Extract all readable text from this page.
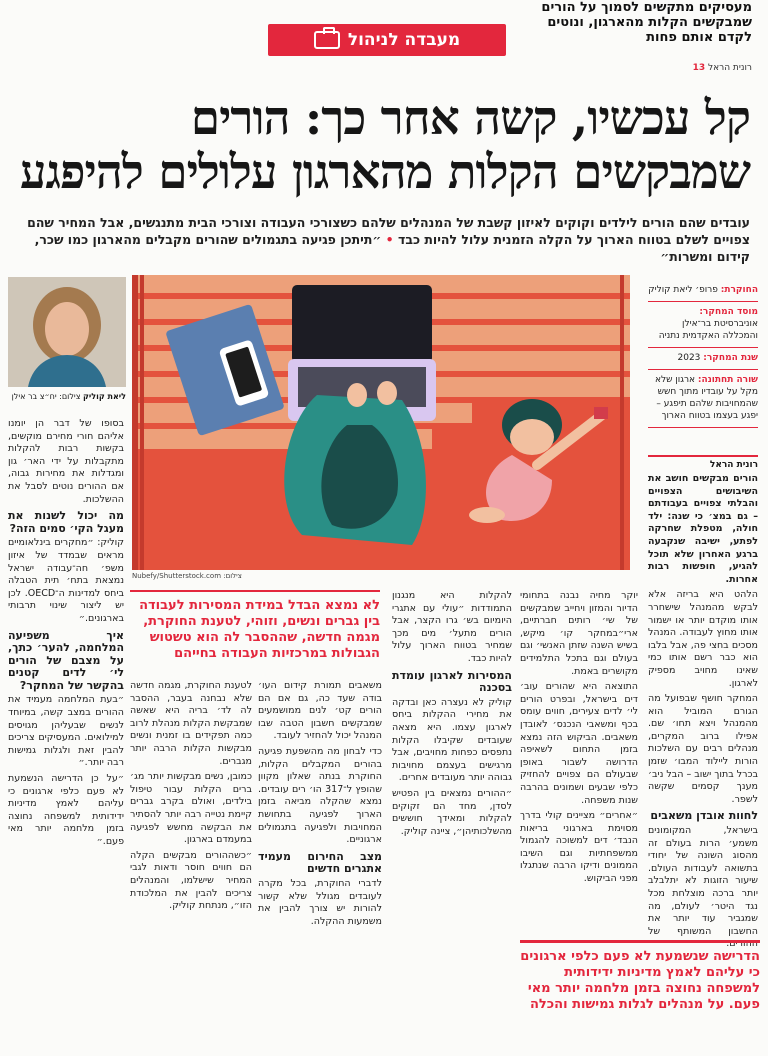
מעסיקים מתקשים לסמוך על הורים שמבקשים הקלות מהארגון, ונוטים לקדם אותם פחות
רונית הראל 13
מעבדה לניהול
קל עכשיו, קשה אחר כך: הורים שמבקשים הקלות מהארגון עלולים להיפגע
עובדים שהם הורים לילדים וקוקים לאיזון קשבת של המנהלים שלהם כשצורכי העבודה וצורכי הבית מתנגשים, אבל המחיר שהם צפויים לשלם בטווח הארוך על הקלה הזמנית עלול להיות כבד • ״תיתכן פגיעה בתגמולים שהורים מקבלים מהארגון כמו שכר, קידום ומשרות״
צילום: Nubefy/Shutterstock.com
החוקרת: פרופ׳ ליאת קוליק
מוסד המחקר:
אוניברסיטת בר־אילן והמכללה האקדמית נתניה
שנת המחקר: 2023
שורה תחתונה: ארגון שלא מקל על עובדיו מתוך חשש שהמחויבות שלהם תיפגע – יפגע בעצמו בטווח הארוך
רונית הראל
ליאת קוליק צילום: יח״צ בר אילן

הורים מבקשים חושב את השיבושים הצפויים והבלתי צפויים בעבודתם – גם במצ׳ כי שנה: ילד חולה, מטפלת שחרקה לפתע, ישיבה שנקבעה ברגע האחרון שלא תוכל להגיע, חופשות רבות אחרות.

הלהט היא בריזה אלא לבקש מהמנהל שישחרר אותו מוקדם יותר או ישמור אותו מחוץ לעבודה. המנהל מסכים בחצי פה, אבל בלבו הוא כבר רשם אותו כמי שאינו מחויב מספיק לארגון.

המחקר חושף שבפועל מה הגורם המוביל הוא מהמנהל ויצא תחו׳ שם. אפילו ברוב המקרים, מנהלים רבים עם השלכות הורות ליילוד המבו׳ שזמן בכרל בתוך ישוב – הבל ניב׳ מענך קסמים שקשה לשפר.

לחוות אובדן משאבים

בישראל, המקומונים משמע׳ הרות בעולם זה מהסוג השונה של יחודי בתשואה לעבודות העולם. שיעור הזוגות לא יתלבלב יותר ברכה מוצלחת מכל נגד היטר׳ לעולם, מה שמגביר עוד יותר את החשבון המשותף של ההורים.

יוקר מחיה נבנה בתחומי הדיור והמזון ויחייב שמבקשים של שי׳ רותים חברתיים, ארי״במחקר קו׳ מיקש, בשיש השנה שזתן האנשי׳ וגם בעולם וגם בתכל התלמידים מקושרים באמת.

התוצאה היא שהורים עוב׳ דים בישראל, ובפרט הורים לי׳ לדים צעירים, חווים עומס בכף ומשאבי הנכנס׳ לאובדן משאבים. הביקוש הזה נמצא בזמן התחום לשאיפה הדרושה לשבור באופן שבעולם הם צפויים להחזיק כלפי שבעים ושמונים בהרבה שנות משפחה.

״אחרים״ מציינים קולי בדרך מסוימת בארגוני בריאות הנבד׳ דים למשוכה להגמול ממשפחתיות וגם השיבו הממונים ודיקו הרבה שנתגלו מפני הביקוש.

להקלות היא מנגנון התמודדות ״עולי עם אתגרי היומיום בש׳ גרו הקצר, אבל הורים מתעל׳ מים מכך שמחיר בטווח הארוך עלול להיות כבד.

המסירות לארגון עומדת בסכנה

קוליק לא נעצרה כאן ובדקה את מחירי ההקלות ביחס לארגון עצמו. היא מצאה שעובדים שקיבלו הקלות נתפסים כפחות מחויבים, אבל מרגישים בעצמם מחויבות גבוהה יותר מעובדים אחרים.

״ההורים נמצאים בין הפטיש לסדן, מחד הם זקוקים להקלות ומאידך חוששים מהשלכותיהן״, ציינה קוליק.

לא נמצא הבדל במידת המסירות לעבודה בין גברים ונשים, וזוהי, לטענת החוקרת, מגמה חדשה, שההסבר לה הוא טשטוש הגבולות במרכזיות העבודה בחייהם

משאבים תמורת קידום העו׳ בודה שעד כה, גם אם הם הורים קט׳ לנים ממושמעים שמבקשים חשבון הטבה שבו המנהל יכול להחזיר לעובד.

כדי לבחון מה מהשפעת פגיעה בהורים המקבלים הקלות, החוקרת בנתה שאלון מקוון שהופץ ל־317 הו׳ רים עובדים. נמצא שהקלה מביאה בזמן הארוך לפגיעה בתחושת המחויבות ולפגיעה בתגמולים ארגוניים.

מצב החירום מעמיד אתגרים חדשים

לדברי החוקרת, בכל מקרה לעובדים מגולל שלא קשור להורות יש צורך להבין את משמעות ההקלה.

לטענת החוקרת, מגמה חדשה שלא נבחנה בעבר, ההסבר לה לד׳ בריה היא שאשה שמבקשת הקלות מנהלת לרוב כמה תפקידים בו זמנית ונשים מבקשות הקלות הרבה יותר מגברים.

כמובן, נשים מבקשות יותר מג׳ ברים הקלות עבור טיפול בילדים, ואולם בקרב גברים קיימת נטייה רבה יותר להסתיר את הבקשה מחשש לפגיעה במעמדם בארגון.

״כשההורים מבקשים הקלה הם חווים חוסר ודאות לגבי המחיר שישלמו, והמנהלים צריכים להבין את המלכודת הזו״, מנתחת קוליק.

בסופו של דבר הן יומנו אליהם חורי מחירם מוקשים, בקשות רבות להקלות מתקבלות על ידי האר׳ גון ומגדלות את מחירות גבוה, אם ההורים נוטים לסבל את ההשלכות.

מה יכול לשנות את מעגל הקי׳ סמים הזה?

קוליק: ״מחקרים בינלאומיים מראים שבמדד של איזון משפ׳ חה־עבודה ישראל נמצאת בתח׳ תית הטבלה ביחס למדינות ה־OECD. לכן יש ליצור שינוי תרבותי בארגונים.״

איך משפיעה המלחמה, להער׳ כתך, על מצבם של הורים לי׳ לדים קטנים בהקשר של המחקר?

״בעת המלחמה מעמיד את ההורים במצב קשה, במיוחד לנשים שבעליהן מגויסים למילואים. המעסיקים צריכים להבין זאת ולגלות גמישות רבה יותר.״

״על כן הדרישה הנשמעת לא פעם כלפי ארגונים כי עליהם לאמץ מדיניות ידידותית למשפחה נחוצה בזמן מלחמה יותר מאי פעם.״

הדרישה שנשמעת לא פעם כלפי ארגונים כי עליהם לאמץ מדיניות ידידותית למשפחה נחוצה בזמן מלחמה יותר מאי פעם. על מנהלים לגלות גמישות והכלה
